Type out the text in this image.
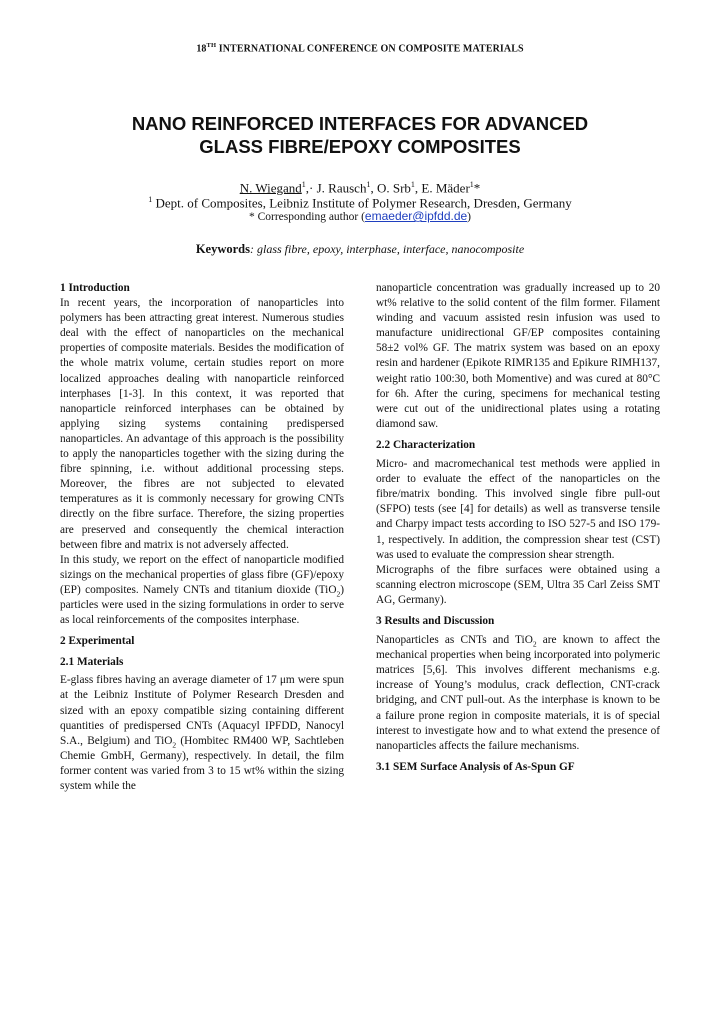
18TH INTERNATIONAL CONFERENCE ON COMPOSITE MATERIALS
NANO REINFORCED INTERFACES FOR ADVANCED
GLASS FIBRE/EPOXY COMPOSITES
N. Wiegand$^1$,· J. Rausch$^1$, O. Srb$^1$, E. Mäder$^1$*
$^1$ Dept. of Composites, Leibniz Institute of Polymer Research, Dresden, Germany
* Corresponding author (emaeder@ipfdd.de)
Keywords: glass fibre, epoxy, interphase, interface, nanocomposite
1 Introduction

In recent years, the incorporation of nanoparticles into polymers has been attracting great interest. Numerous studies deal with the effect of nanoparticles on the mechanical properties of composite materials. Besides the modification of the whole matrix volume, certain studies report on more localized approaches dealing with nanoparticle reinforced interphases [1-3]. In this context, it was reported that nanoparticle reinforced interphases can be obtained by applying sizing systems containing predispersed nanoparticles. An advantage of this approach is the possibility to apply the nanoparticles together with the sizing during the fibre spinning, i.e. without additional processing steps. Moreover, the fibres are not subjected to elevated temperatures as it is commonly necessary for growing CNTs directly on the fibre surface. Therefore, the sizing properties are preserved and consequently the chemical interaction between fibre and matrix is not adversely affected.

In this study, we report on the effect of nanoparticle modified sizings on the mechanical properties of glass fibre (GF)/epoxy (EP) composites. Namely CNTs and titanium dioxide (TiO$_2$) particles were used in the sizing formulations in order to serve as local reinforcements of the composites interphase.

2 Experimental
2.1 Materials

E-glass fibres having an average diameter of 17 μm were spun at the Leibniz Institute of Polymer Research Dresden and sized with an epoxy compatible sizing containing different quantities of predispersed CNTs (Aquacyl IPFDD, Nanocyl S.A., Belgium) and TiO$_2$ (Hombitec RM400 WP, Sachtleben Chemie GmbH, Germany), respectively. In detail, the film former content was varied from 3 to 15 wt% within the sizing system while the

nanoparticle concentration was gradually increased up to 20 wt% relative to the solid content of the film former. Filament winding and vacuum assisted resin infusion was used to manufacture unidirectional GF/EP composites containing 58±2 vol% GF. The matrix system was based on an epoxy resin and hardener (Epikote RIMR135 and Epikure RIMH137, weight ratio 100:30, both Momentive) and was cured at 80°C for 6h. After the curing, specimens for mechanical testing were cut out of the unidirectional plates using a rotating diamond saw.

2.2 Characterization

Micro- and macromechanical test methods were applied in order to evaluate the effect of the nanoparticles on the fibre/matrix bonding. This involved single fibre pull-out (SFPO) tests (see [4] for details) as well as transverse tensile and Charpy impact tests according to ISO 527-5 and ISO 179-1, respectively. In addition, the compression shear test (CST) was used to evaluate the compression shear strength.

Micrographs of the fibre surfaces were obtained using a scanning electron microscope (SEM, Ultra 35 Carl Zeiss SMT AG, Germany).

3 Results and Discussion

Nanoparticles as CNTs and TiO$_2$ are known to affect the mechanical properties when being incorporated into polymeric matrices [5,6]. This involves different mechanisms e.g. increase of Young’s modulus, crack deflection, CNT-crack bridging, and CNT pull-out. As the interphase is known to be a failure prone region in composite materials, it is of special interest to investigate how and to what extend the presence of nanoparticles affects the failure mechanisms.

3.1 SEM Surface Analysis of As-Spun GF
